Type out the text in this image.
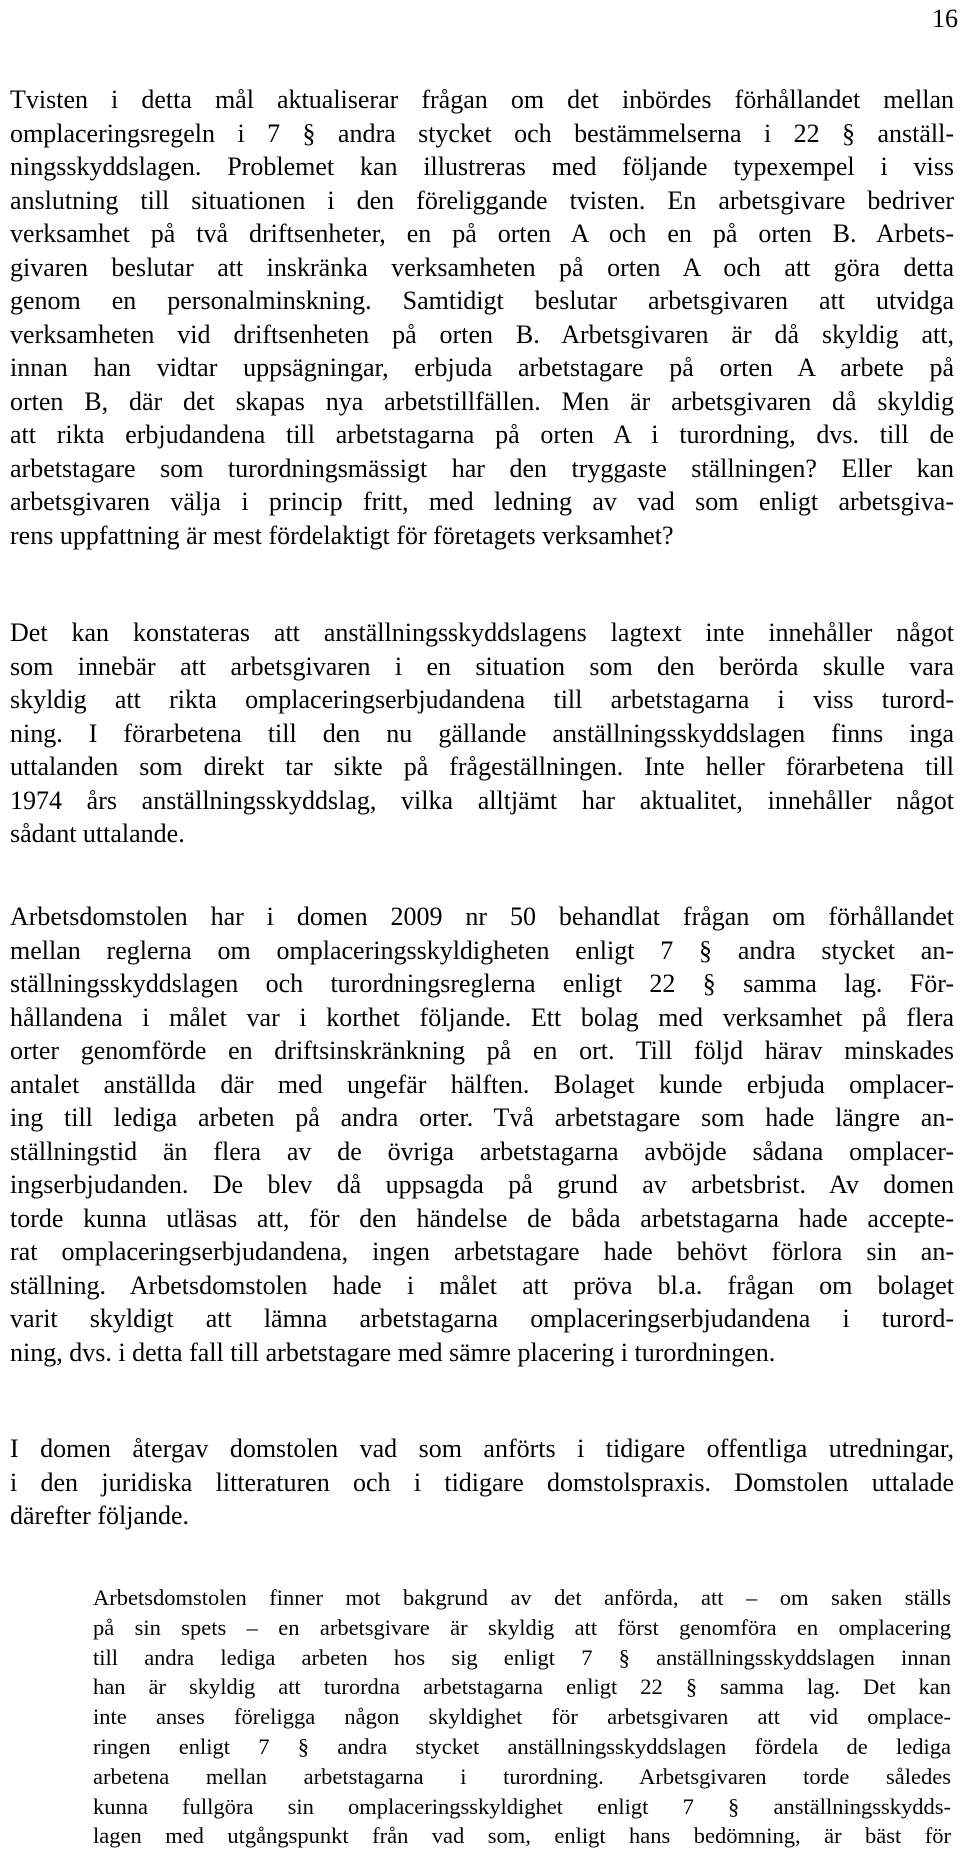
16
Tvisten i detta mål aktualiserar frågan om det inbördes förhållandet mellan
omplaceringsregeln i 7 § andra stycket och bestämmelserna i 22 § anställ-
ningsskyddslagen. Problemet kan illustreras med följande typexempel i viss
anslutning till situationen i den föreliggande tvisten. En arbetsgivare bedriver
verksamhet på två driftsenheter, en på orten A och en på orten B. Arbets-
givaren beslutar att inskränka verksamheten på orten A och att göra detta
genom en personalminskning. Samtidigt beslutar arbetsgivaren att utvidga
verksamheten vid driftsenheten på orten B. Arbetsgivaren är då skyldig att,
innan han vidtar uppsägningar, erbjuda arbetstagare på orten A arbete på
orten B, där det skapas nya arbetstillfällen. Men är arbetsgivaren då skyldig
att rikta erbjudandena till arbetstagarna på orten A i turordning, dvs. till de
arbetstagare som turordningsmässigt har den tryggaste ställningen? Eller kan
arbetsgivaren välja i princip fritt, med ledning av vad som enligt arbetsgiva-
rens uppfattning är mest fördelaktigt för företagets verksamhet?
Det kan konstateras att anställningsskyddslagens lagtext inte innehåller något
som innebär att arbetsgivaren i en situation som den berörda skulle vara
skyldig att rikta omplaceringserbjudandena till arbetstagarna i viss turord-
ning. I förarbetena till den nu gällande anställningsskyddslagen finns inga
uttalanden som direkt tar sikte på frågeställningen. Inte heller förarbetena till
1974 års anställningsskyddslag, vilka alltjämt har aktualitet, innehåller något
sådant uttalande.
Arbetsdomstolen har i domen 2009 nr 50 behandlat frågan om förhållandet
mellan reglerna om omplaceringsskyldigheten enligt 7 § andra stycket an-
ställningsskyddslagen och turordningsreglerna enligt 22 § samma lag. För-
hållandena i målet var i korthet följande. Ett bolag med verksamhet på flera
orter genomförde en driftsinskränkning på en ort. Till följd härav minskades
antalet anställda där med ungefär hälften. Bolaget kunde erbjuda omplacer-
ing till lediga arbeten på andra orter. Två arbetstagare som hade längre an-
ställningstid än flera av de övriga arbetstagarna avböjde sådana omplacer-
ingserbjudanden. De blev då uppsagda på grund av arbetsbrist. Av domen
torde kunna utläsas att, för den händelse de båda arbetstagarna hade accepte-
rat omplaceringserbjudandena, ingen arbetstagare hade behövt förlora sin an-
ställning. Arbetsdomstolen hade i målet att pröva bl.a. frågan om bolaget
varit skyldigt att lämna arbetstagarna omplaceringserbjudandena i turord-
ning, dvs. i detta fall till arbetstagare med sämre placering i turordningen.
I domen återgav domstolen vad som anförts i tidigare offentliga utredningar,
i den juridiska litteraturen och i tidigare domstolspraxis. Domstolen uttalade
därefter följande.
Arbetsdomstolen finner mot bakgrund av det anförda, att – om saken ställs
på sin spets – en arbetsgivare är skyldig att först genomföra en omplacering
till andra lediga arbeten hos sig enligt 7 § anställningsskyddslagen innan
han är skyldig att turordna arbetstagarna enligt 22 § samma lag. Det kan
inte anses föreligga någon skyldighet för arbetsgivaren att vid omplace-
ringen enligt 7 § andra stycket anställningsskyddslagen fördela de lediga
arbetena mellan arbetstagarna i turordning. Arbetsgivaren torde således
kunna fullgöra sin omplaceringsskyldighet enligt 7 § anställningsskydds-
lagen med utgångspunkt från vad som, enligt hans bedömning, är bäst för
